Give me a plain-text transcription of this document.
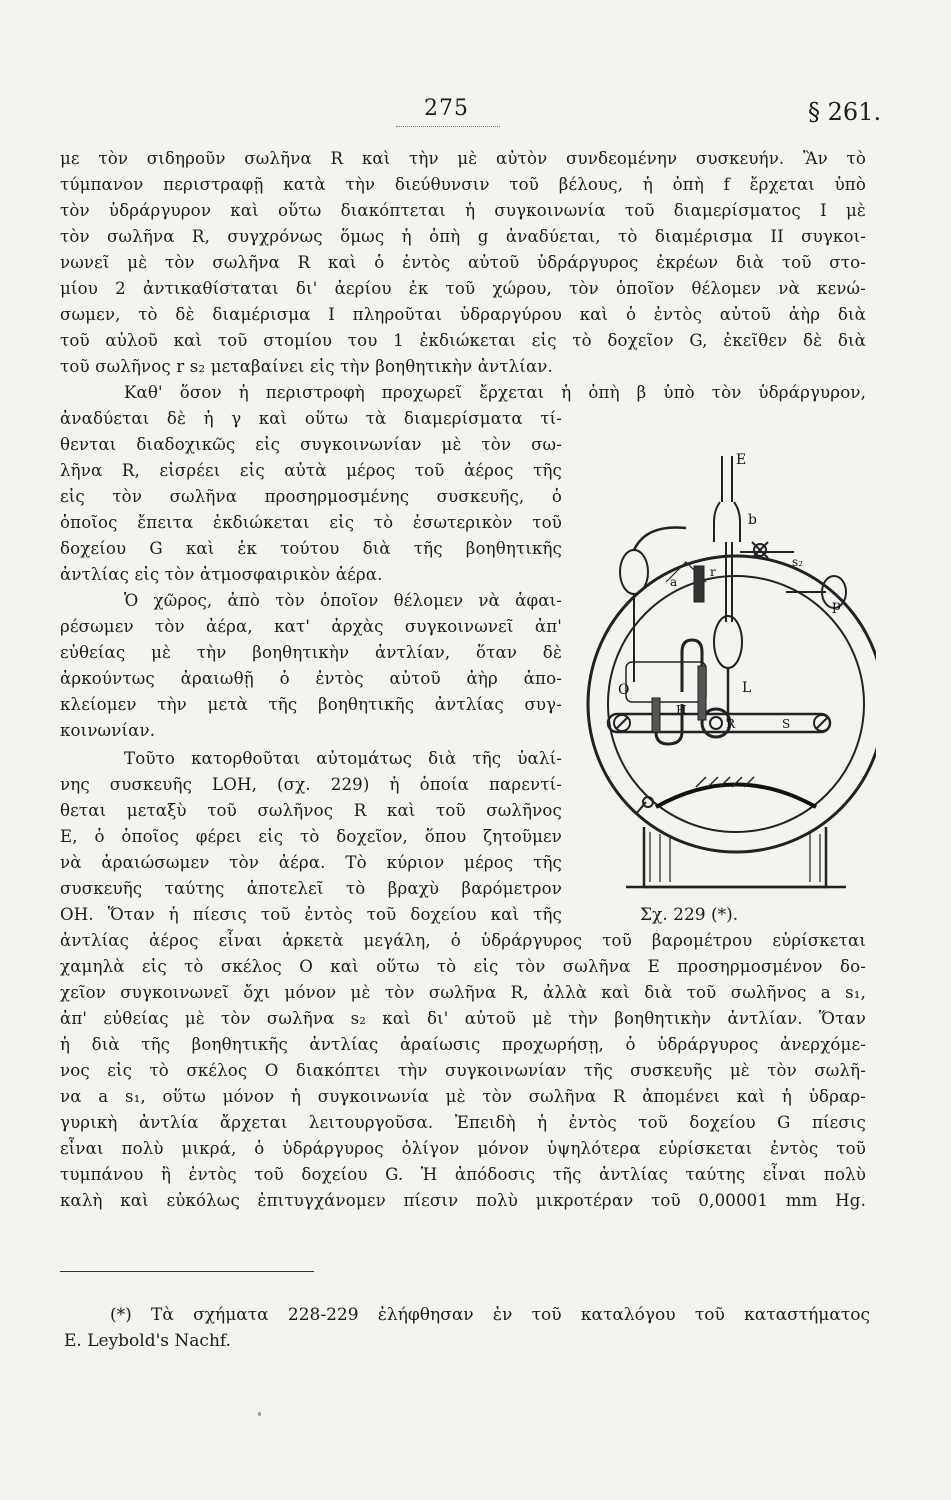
275	§ 261.
με τὸν σιδηροῦν σωλῆνα R καὶ τὴν μὲ αὐτὸν συνδεομένην συσκευήν. Ἂν τὸ
τύμπανον περιστραφῇ κατὰ τὴν διεύθυνσιν τοῦ βέλους, ἡ ὀπὴ f ἔρχεται ὑπὸ
τὸν ὑδράργυρον καὶ οὕτω διακόπτεται ἡ συγκοινωνία τοῦ διαμερίσματος I μὲ
τὸν σωλῆνα R, συγχρόνως ὅμως ἡ ὀπὴ g ἀναδύεται, τὸ διαμέρισμα II συγκοι-
νωνεῖ μὲ τὸν σωλῆνα R καὶ ὁ ἐντὸς αὐτοῦ ὑδράργυρος ἐκρέων διὰ τοῦ στο-
μίου 2 ἀντικαθίσταται δι' ἀερίου ἐκ τοῦ χώρου, τὸν ὁποῖον θέλομεν νὰ κενώ-
σωμεν, τὸ δὲ διαμέρισμα I πληροῦται ὑδραργύρου καὶ ὁ ἐντὸς αὐτοῦ ἀὴρ διὰ
τοῦ αὐλοῦ καὶ τοῦ στομίου του 1 ἐκδιώκεται εἰς τὸ δοχεῖον G, ἐκεῖθεν δὲ διὰ
τοῦ σωλῆνος r s₂ μεταβαίνει εἰς τὴν βοηθητικὴν ἀντλίαν.
Καθ' ὅσον ἡ περιστροφὴ προχωρεῖ ἔρχεται ἡ ὀπὴ β ὑπὸ τὸν ὑδράργυρον,
ἀναδύεται δὲ ἡ γ καὶ οὕτω τὰ διαμερίσματα τί-
θενται διαδοχικῶς εἰς συγκοινωνίαν μὲ τὸν σω-
λῆνα R, εἰσρέει εἰς αὐτὰ μέρος τοῦ ἀέρος τῆς
εἰς τὸν σωλῆνα προσηρμοσμένης συσκευῆς, ὁ
ὁποῖος ἔπειτα ἐκδιώκεται εἰς τὸ ἐσωτερικὸν τοῦ
δοχείου G καὶ ἐκ τούτου διὰ τῆς βοηθητικῆς
ἀντλίας εἰς τὸν ἀτμοσφαιρικὸν ἀέρα.
Ὁ χῶρος, ἀπὸ τὸν ὁποῖον θέλομεν νὰ ἀφαι-
ρέσωμεν τὸν ἀέρα, κατ' ἀρχὰς συγκοινωνεῖ ἀπ'
εὐθείας μὲ τὴν βοηθητικὴν ἀντλίαν, ὅταν δὲ
ἀρκούντως ἀραιωθῇ ὁ ἐντὸς αὐτοῦ ἀὴρ ἀπο-
κλείομεν τὴν μετὰ τῆς βοηθητικῆς ἀντλίας συγ-
κοινωνίαν.
Τοῦτο κατορθοῦται αὐτομάτως διὰ τῆς ὑαλί-
νης συσκευῆς LOH, (σχ. 229) ἡ ὁποία παρεντί-
θεται μεταξὺ τοῦ σωλῆνος R καὶ τοῦ σωλῆνος
E, ὁ ὁποῖος φέρει εἰς τὸ δοχεῖον, ὅπου ζητοῦμεν
νὰ ἀραιώσωμεν τὸν ἀέρα. Τὸ κύριον μέρος τῆς
συσκευῆς ταύτης ἀποτελεῖ τὸ βραχὺ βαρόμετρον
OH. Ὅταν ἡ πίεσις τοῦ ἐντὸς τοῦ δοχείου καὶ τῆς
ἀντλίας ἀέρος εἶναι ἀρκετὰ μεγάλη, ὁ ὑδράργυρος τοῦ βαρομέτρου εὑρίσκεται
χαμηλὰ εἰς τὸ σκέλος O καὶ οὕτω τὸ εἰς τὸν σωλῆνα E προσηρμοσμένον δο-
χεῖον συγκοινωνεῖ ὄχι μόνον μὲ τὸν σωλῆνα R, ἀλλὰ καὶ διὰ τοῦ σωλῆνος a s₁,
ἀπ' εὐθείας μὲ τὸν σωλῆνα s₂ καὶ δι' αὐτοῦ μὲ τὴν βοηθητικὴν ἀντλίαν. Ὅταν
ἡ διὰ τῆς βοηθητικῆς ἀντλίας ἀραίωσις προχωρήσῃ, ὁ ὑδράργυρος ἀνερχόμε-
νος εἰς τὸ σκέλος O διακόπτει τὴν συγκοινωνίαν τῆς συσκευῆς μὲ τὸν σωλῆ-
να a s₁, οὕτω μόνον ἡ συγκοινωνία μὲ τὸν σωλῆνα R ἀπομένει καὶ ἡ ὑδραρ-
γυρικὴ ἀντλία ἄρχεται λειτουργοῦσα. Ἐπειδὴ ἡ ἐντὸς τοῦ δοχείου G πίεσις
εἶναι πολὺ μικρά, ὁ ὑδράργυρος ὀλίγον μόνον ὑψηλότερα εὑρίσκεται ἐντὸς τοῦ
τυμπάνου ἢ ἐντὸς τοῦ δοχείου G. Ἡ ἀπόδοσις τῆς ἀντλίας ταύτης εἶναι πολὺ
καλὴ καὶ εὐκόλως ἐπιτυγχάνομεν πίεσιν πολὺ μικροτέραν τοῦ 0,00001 mm Hg.
E
b
s₂
r
a
p
O
H
L
R	S
Σχ. 229 (*).
(*) Τὰ σχήματα 228-229 ἐλήφθησαν ἐν τοῦ καταλόγου τοῦ καταστήματος
E. Leybold's Nachf.
